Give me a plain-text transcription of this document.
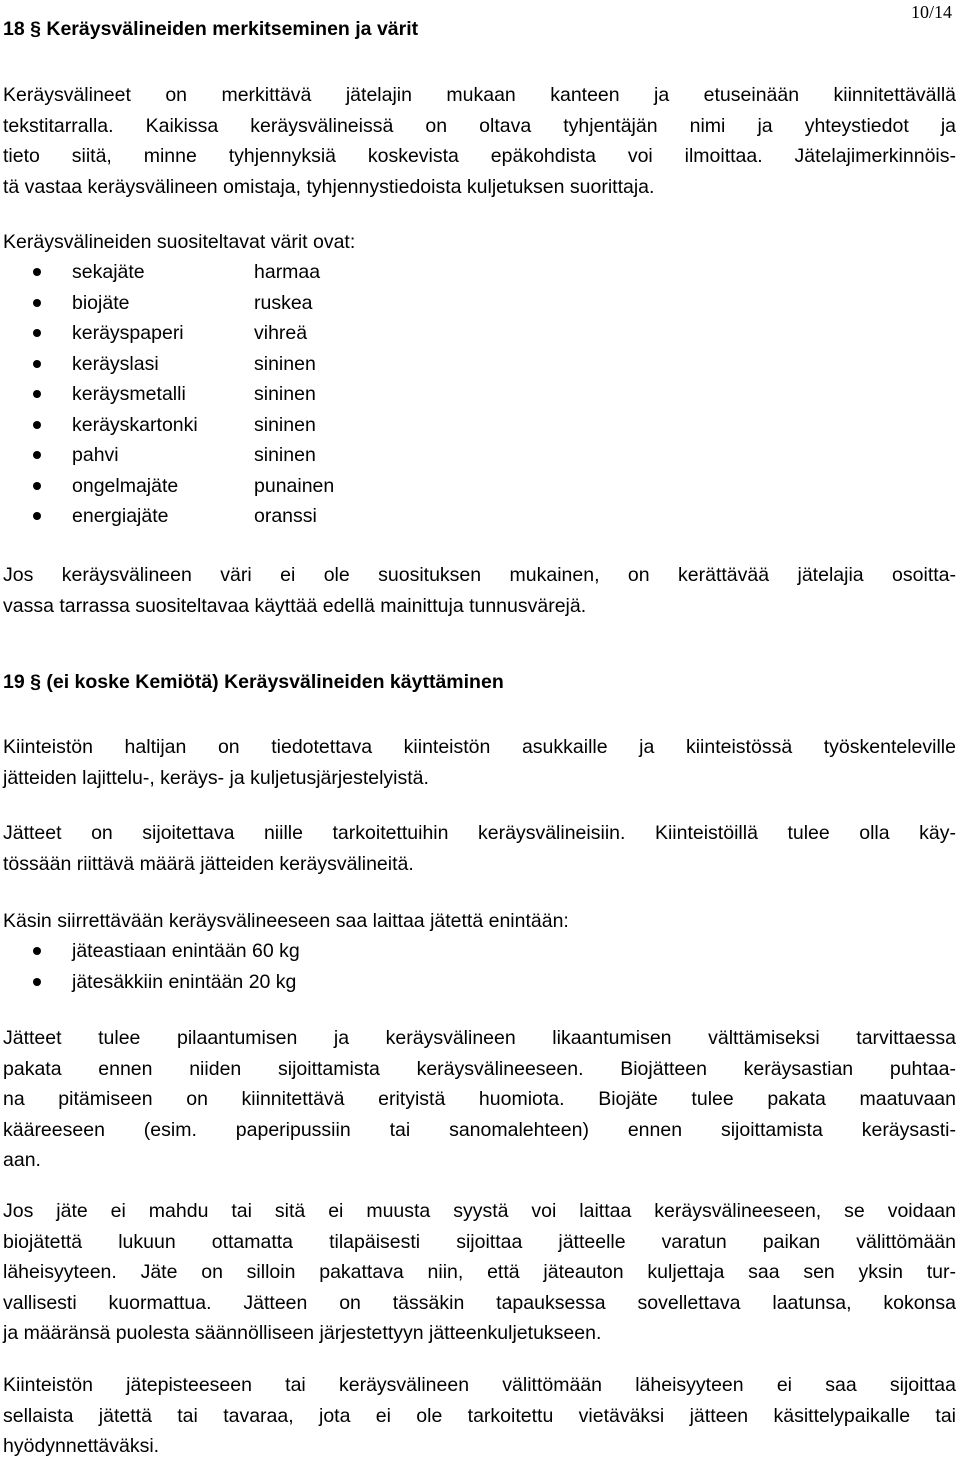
10/14
18 § Keräysvälineiden merkitseminen ja värit
Keräysvälineet on merkittävä jätelajin mukaan kanteen ja etuseinään kiinnitettävällä
tekstitarralla. Kaikissa keräysvälineissä on oltava tyhjentäjän nimi ja yhteystiedot ja
tieto siitä, minne tyhjennyksiä koskevista epäkohdista voi ilmoittaa. Jätelajimerkinnöis-
tä vastaa keräysvälineen omistaja, tyhjennystiedoista kuljetuksen suorittaja.
Keräysvälineiden suositeltavat värit ovat:
sekajäte	harmaa
biojäte	ruskea
keräyspaperi	vihreä
keräyslasi	sininen
keräysmetalli	sininen
keräyskartonki	sininen
pahvi	sininen
ongelmajäte	punainen
energiajäte	oranssi
Jos keräysvälineen väri ei ole suosituksen mukainen, on kerättävää jätelajia osoitta-
vassa tarrassa suositeltavaa käyttää edellä mainittuja tunnusvärejä.
19 § (ei koske Kemiötä) Keräysvälineiden käyttäminen
Kiinteistön haltijan on tiedotettava kiinteistön asukkaille ja kiinteistössä työskenteleville
jätteiden lajittelu-, keräys- ja kuljetusjärjestelyistä.
Jätteet on sijoitettava niille tarkoitettuihin keräysvälineisiin. Kiinteistöillä tulee olla käy-
tössään riittävä määrä jätteiden keräysvälineitä.
Käsin siirrettävään keräysvälineeseen saa laittaa jätettä enintään:
jäteastiaan enintään 60 kg
jätesäkkiin enintään 20 kg
Jätteet tulee pilaantumisen ja keräysvälineen likaantumisen välttämiseksi tarvittaessa
pakata ennen niiden sijoittamista keräysvälineeseen. Biojätteen keräysastian puhtaa-
na pitämiseen on kiinnitettävä erityistä huomiota. Biojäte tulee pakata maatuvaan
kääreeseen (esim. paperipussiin tai sanomalehteen) ennen sijoittamista keräysasti-
aan.
Jos jäte ei mahdu tai sitä ei muusta syystä voi laittaa keräysvälineeseen, se voidaan
biojätettä lukuun ottamatta tilapäisesti sijoittaa jätteelle varatun paikan välittömään
läheisyyteen. Jäte on silloin pakattava niin, että jäteauton kuljettaja saa sen yksin tur-
vallisesti kuormattua. Jätteen on tässäkin tapauksessa sovellettava laatunsa, kokonsa
ja määränsä puolesta säännölliseen järjestettyyn jätteenkuljetukseen.
Kiinteistön jätepisteeseen tai keräysvälineen välittömään läheisyyteen ei saa sijoittaa
sellaista jätettä tai tavaraa, jota ei ole tarkoitettu vietäväksi jätteen käsittelypaikalle tai
hyödynnettäväksi.
